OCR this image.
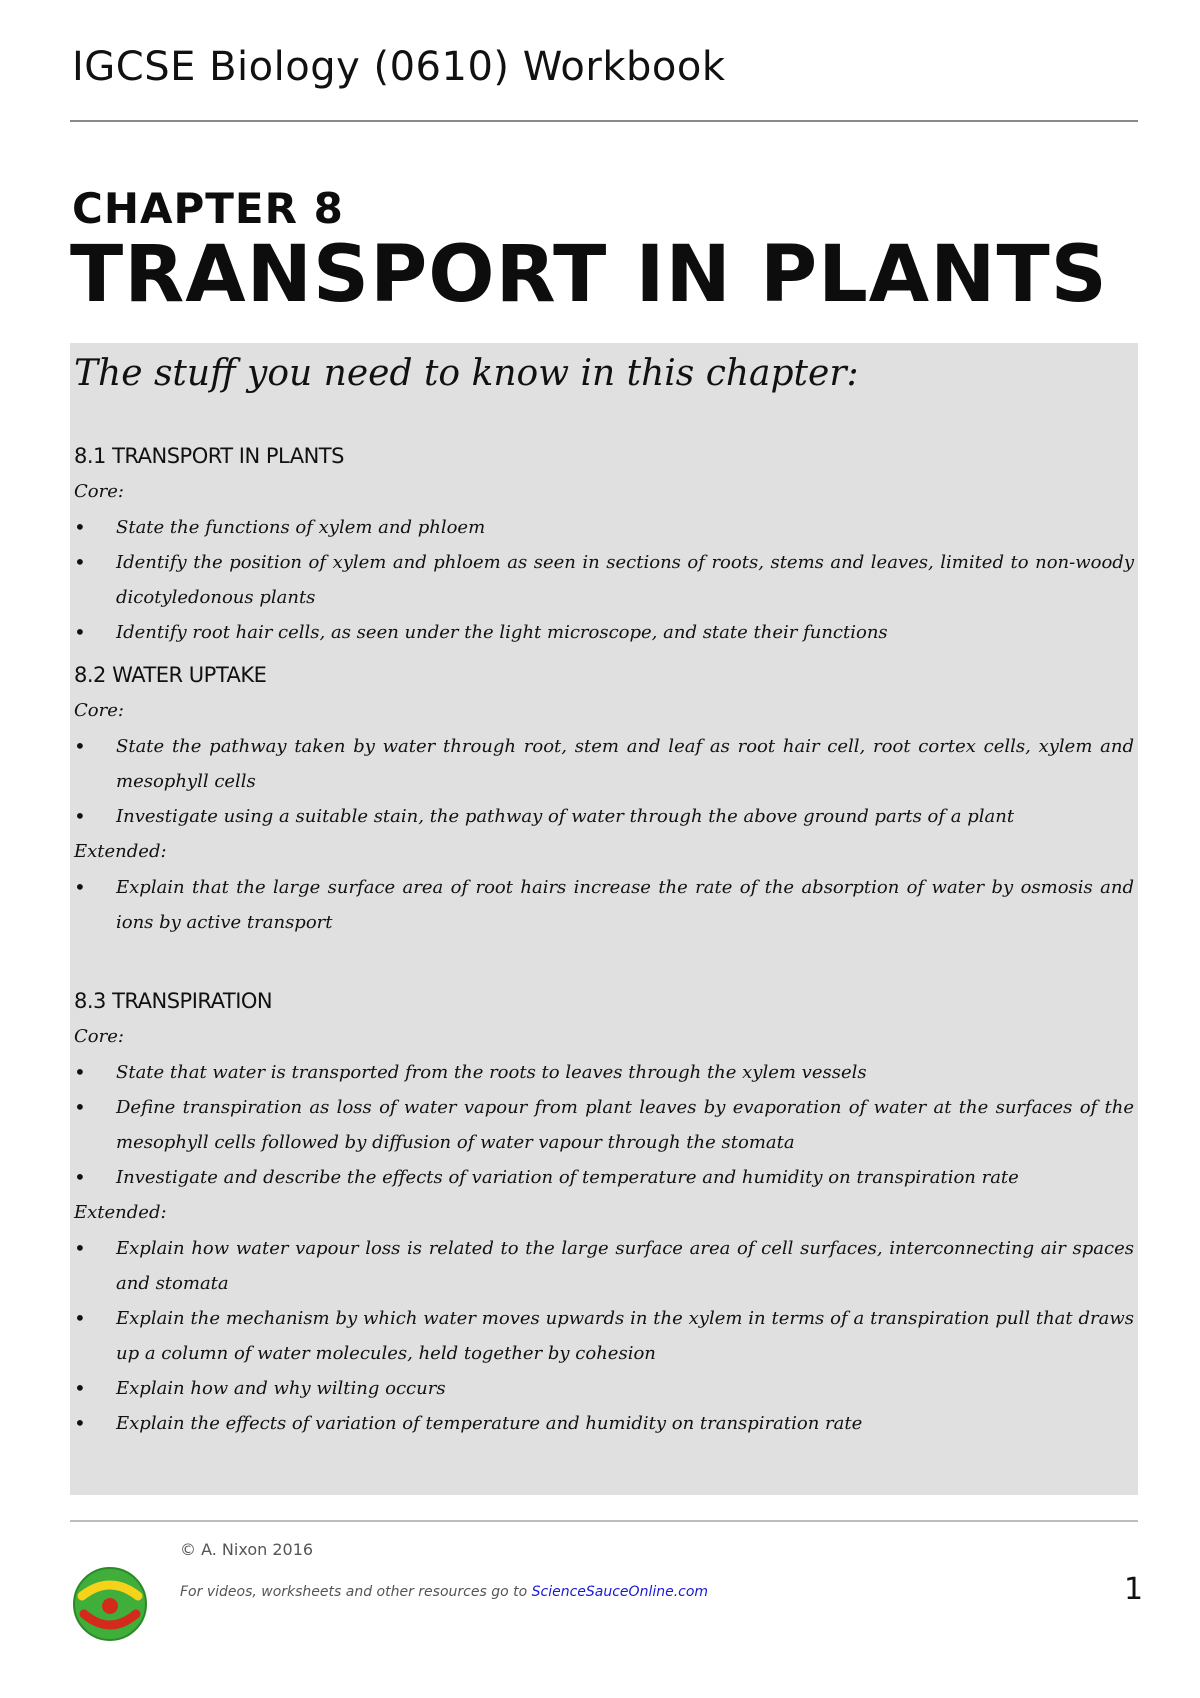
IGCSE Biology (0610) Workbook
CHAPTER 8
TRANSPORT IN PLANTS
The stuff you need to know in this chapter:
8.1 TRANSPORT IN PLANTS
Core:
• State the functions of xylem and phloem
• Identify the position of xylem and phloem as seen in sections of roots, stems and leaves, limited to non-woody dicotyledonous plants
• Identify root hair cells, as seen under the light microscope, and state their functions
8.2 WATER UPTAKE
Core:
• State the pathway taken by water through root, stem and leaf as root hair cell, root cortex cells, xylem and mesophyll cells
• Investigate using a suitable stain, the pathway of water through the above ground parts of a plant
Extended:
• Explain that the large surface area of root hairs increase the rate of the absorption of water by osmosis and ions by active transport
8.3 TRANSPIRATION
Core:
• State that water is transported from the roots to leaves through the xylem vessels
• Define transpiration as loss of water vapour from plant leaves by evaporation of water at the surfaces of the mesophyll cells followed by diffusion of water vapour through the stomata
• Investigate and describe the effects of variation of temperature and humidity on transpiration rate
Extended:
• Explain how water vapour loss is related to the large surface area of cell surfaces, interconnecting air spaces and stomata
• Explain the mechanism by which water moves upwards in the xylem in terms of a transpiration pull that draws up a column of water molecules, held together by cohesion
• Explain how and why wilting occurs
• Explain the effects of variation of temperature and humidity on transpiration rate
© A. Nixon 2016
For videos, worksheets and other resources go to ScienceSauceOnline.com	1
